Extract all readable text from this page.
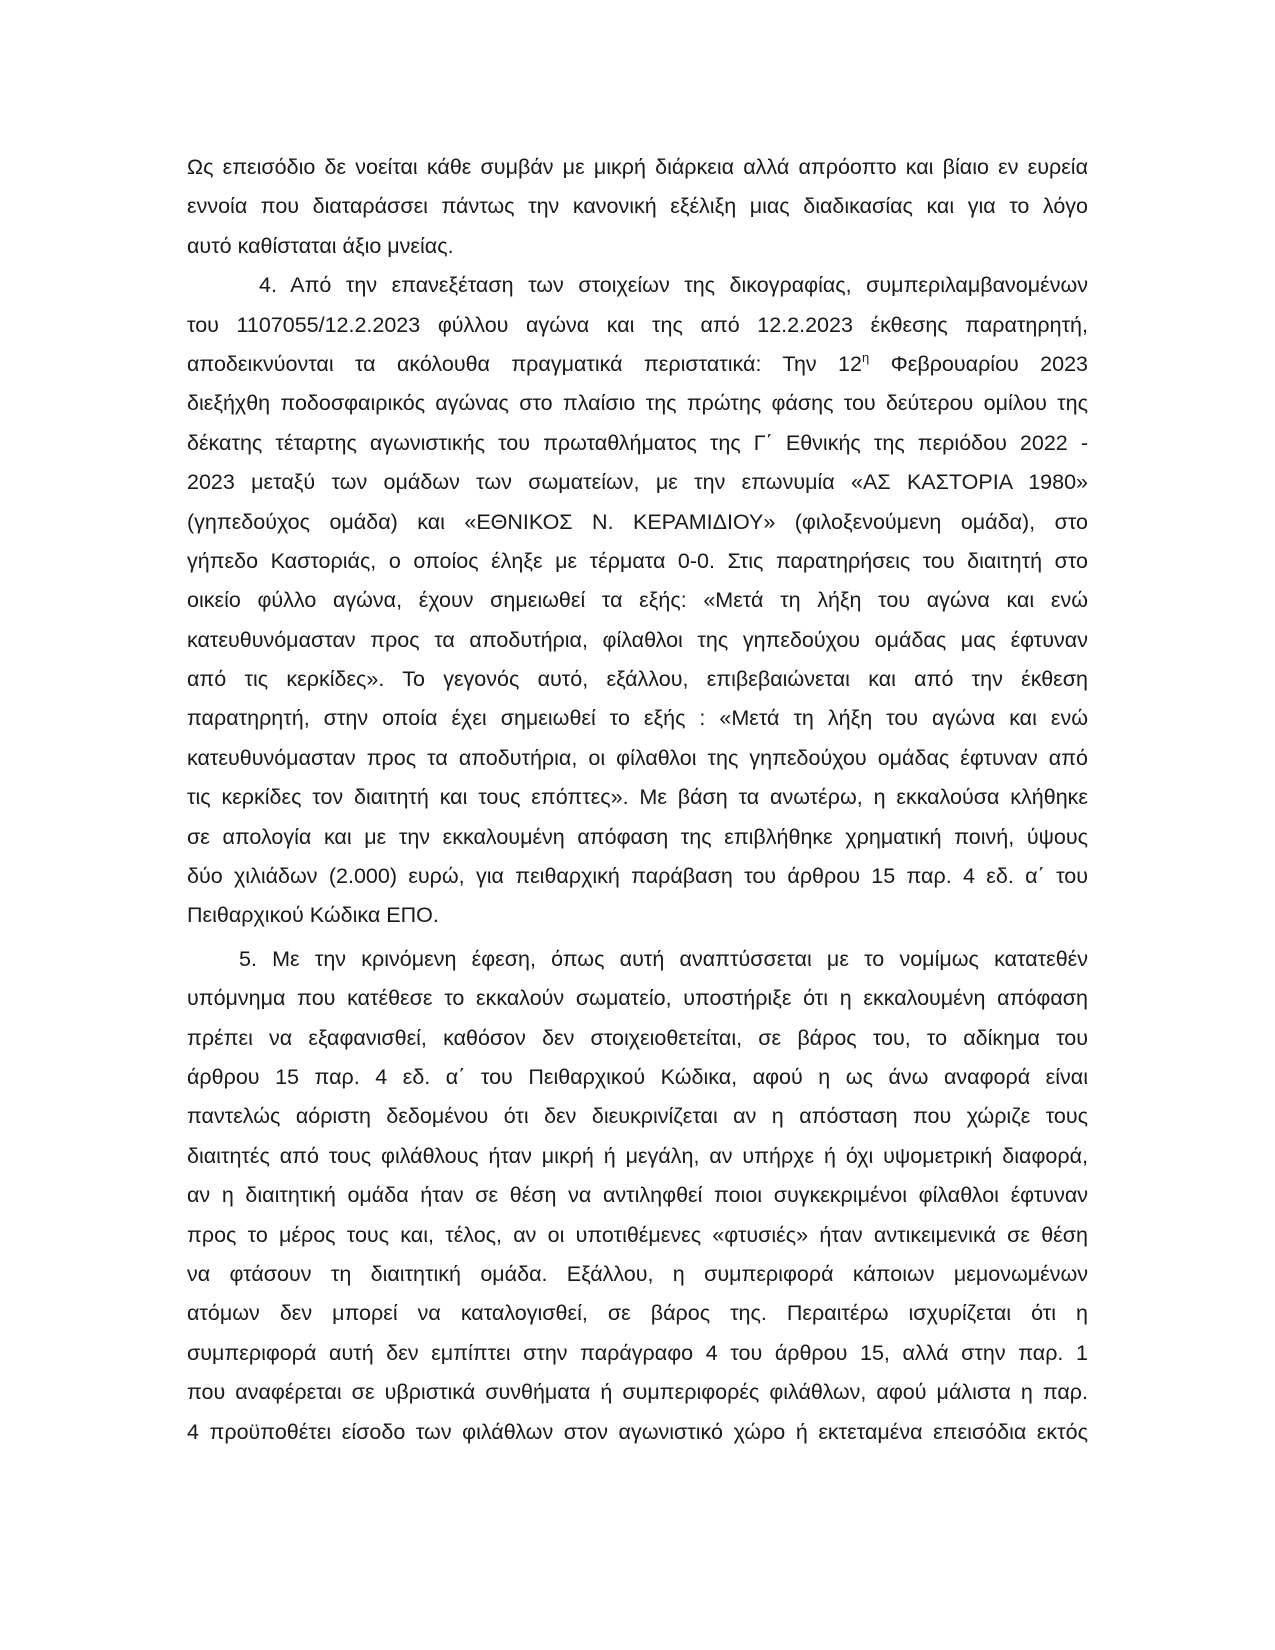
Ως επεισόδιο δε νοείται κάθε συμβάν με μικρή διάρκεια αλλά απρόοπτο και βίαιο εν ευρεία
εννοία που διαταράσσει πάντως την κανονική εξέλιξη μιας διαδικασίας και για το λόγο
αυτό καθίσταται άξιο μνείας.
4. Από την επανεξέταση των στοιχείων της δικογραφίας, συμπεριλαμβανομένων
του 1107055/12.2.2023 φύλλου αγώνα και της από 12.2.2023 έκθεσης παρατηρητή,
αποδεικνύονται τα ακόλουθα πραγματικά περιστατικά: Την $12^\eta$ Φεβρουαρίου 2023
διεξήχθη ποδοσφαιρικός αγώνας στο πλαίσιο της πρώτης φάσης του δεύτερου ομίλου της
δέκατης τέταρτης αγωνιστικής του πρωταθλήματος της Γ΄ Εθνικής της περιόδου 2022 -
2023 μεταξύ των ομάδων των σωματείων, με την επωνυμία «ΑΣ ΚΑΣΤΟΡΙΑ 1980»
(γηπεδούχος ομάδα) και «ΕΘΝΙΚΟΣ Ν. ΚΕΡΑΜΙΔΙΟΥ» (φιλοξενούμενη ομάδα), στο
γήπεδο Καστοριάς, ο οποίος έληξε με τέρματα 0-0. Στις παρατηρήσεις του διαιτητή στο
οικείο φύλλο αγώνα, έχουν σημειωθεί τα εξής: «Μετά τη λήξη του αγώνα και ενώ
κατευθυνόμασταν προς τα αποδυτήρια, φίλαθλοι της γηπεδούχου ομάδας μας έφτυναν
από τις κερκίδες». Το γεγονός αυτό, εξάλλου, επιβεβαιώνεται και από την έκθεση
παρατηρητή, στην οποία έχει σημειωθεί το εξής : «Μετά τη λήξη του αγώνα και ενώ
κατευθυνόμασταν προς τα αποδυτήρια, οι φίλαθλοι της γηπεδούχου ομάδας έφτυναν από
τις κερκίδες τον διαιτητή και τους επόπτες». Με βάση τα ανωτέρω, η εκκαλούσα κλήθηκε
σε απολογία και με την εκκαλουμένη απόφαση της επιβλήθηκε χρηματική ποινή, ύψους
δύο χιλιάδων (2.000) ευρώ, για πειθαρχική παράβαση του άρθρου 15 παρ. 4 εδ. α΄ του
Πειθαρχικού Κώδικα ΕΠΟ.
5. Με την κρινόμενη έφεση, όπως αυτή αναπτύσσεται με το νομίμως κατατεθέν
υπόμνημα που κατέθεσε το εκκαλούν σωματείο, υποστήριξε ότι η εκκαλουμένη απόφαση
πρέπει να εξαφανισθεί, καθόσον δεν στοιχειοθετείται, σε βάρος του, το αδίκημα του
άρθρου 15 παρ. 4 εδ. α΄ του Πειθαρχικού Κώδικα, αφού η ως άνω αναφορά είναι
παντελώς αόριστη δεδομένου ότι δεν διευκρινίζεται αν η απόσταση που χώριζε τους
διαιτητές από τους φιλάθλους ήταν μικρή ή μεγάλη, αν υπήρχε ή όχι υψομετρική διαφορά,
αν η διαιτητική ομάδα ήταν σε θέση να αντιληφθεί ποιοι συγκεκριμένοι φίλαθλοι έφτυναν
προς το μέρος τους και, τέλος, αν οι υποτιθέμενες «φτυσιές» ήταν αντικειμενικά σε θέση
να φτάσουν τη διαιτητική ομάδα. Εξάλλου, η συμπεριφορά κάποιων μεμονωμένων
ατόμων δεν μπορεί να καταλογισθεί, σε βάρος της. Περαιτέρω ισχυρίζεται ότι η
συμπεριφορά αυτή δεν εμπίπτει στην παράγραφο 4 του άρθρου 15, αλλά στην παρ. 1
που αναφέρεται σε υβριστικά συνθήματα ή συμπεριφορές φιλάθλων, αφού μάλιστα η παρ.
4 προϋποθέτει είσοδο των φιλάθλων στον αγωνιστικό χώρο ή εκτεταμένα επεισόδια εκτός
